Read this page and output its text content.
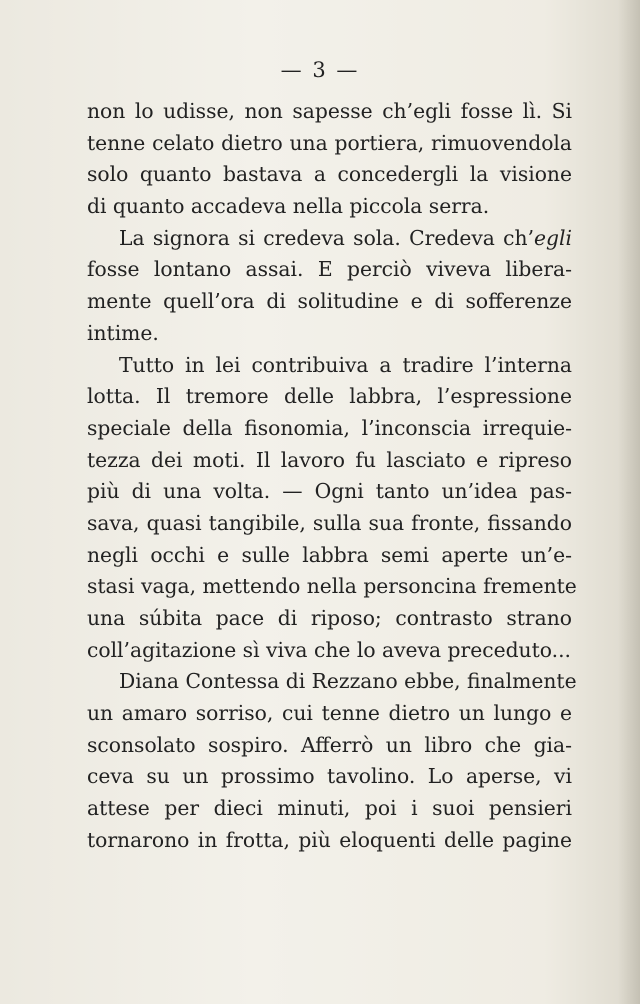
— 3 —
non lo udisse, non sapesse ch’egli fosse lì. Si
tenne celato dietro una portiera, rimuovendola
solo quanto bastava a concedergli la visione
di quanto accadeva nella piccola serra.
La signora si credeva sola. Credeva ch’egli
fosse lontano assai. E perciò viveva libera-
mente quell’ora di solitudine e di sofferenze
intime.
Tutto in lei contribuiva a tradire l’interna
lotta. Il tremore delle labbra, l’espressione
speciale della fisonomia, l’inconscia irrequie-
tezza dei moti. Il lavoro fu lasciato e ripreso
più di una volta. — Ogni tanto un’idea pas-
sava, quasi tangibile, sulla sua fronte, fissando
negli occhi e sulle labbra semi aperte un’e-
stasi vaga, mettendo nella personcina fremente
una súbita pace di riposo; contrasto strano
coll’agitazione sì viva che lo aveva preceduto...
Diana Contessa di Rezzano ebbe, finalmente
un amaro sorriso, cui tenne dietro un lungo e
sconsolato sospiro. Afferrò un libro che gia-
ceva su un prossimo tavolino. Lo aperse, vi
attese per dieci minuti, poi i suoi pensieri
tornarono in frotta, più eloquenti delle pagine
